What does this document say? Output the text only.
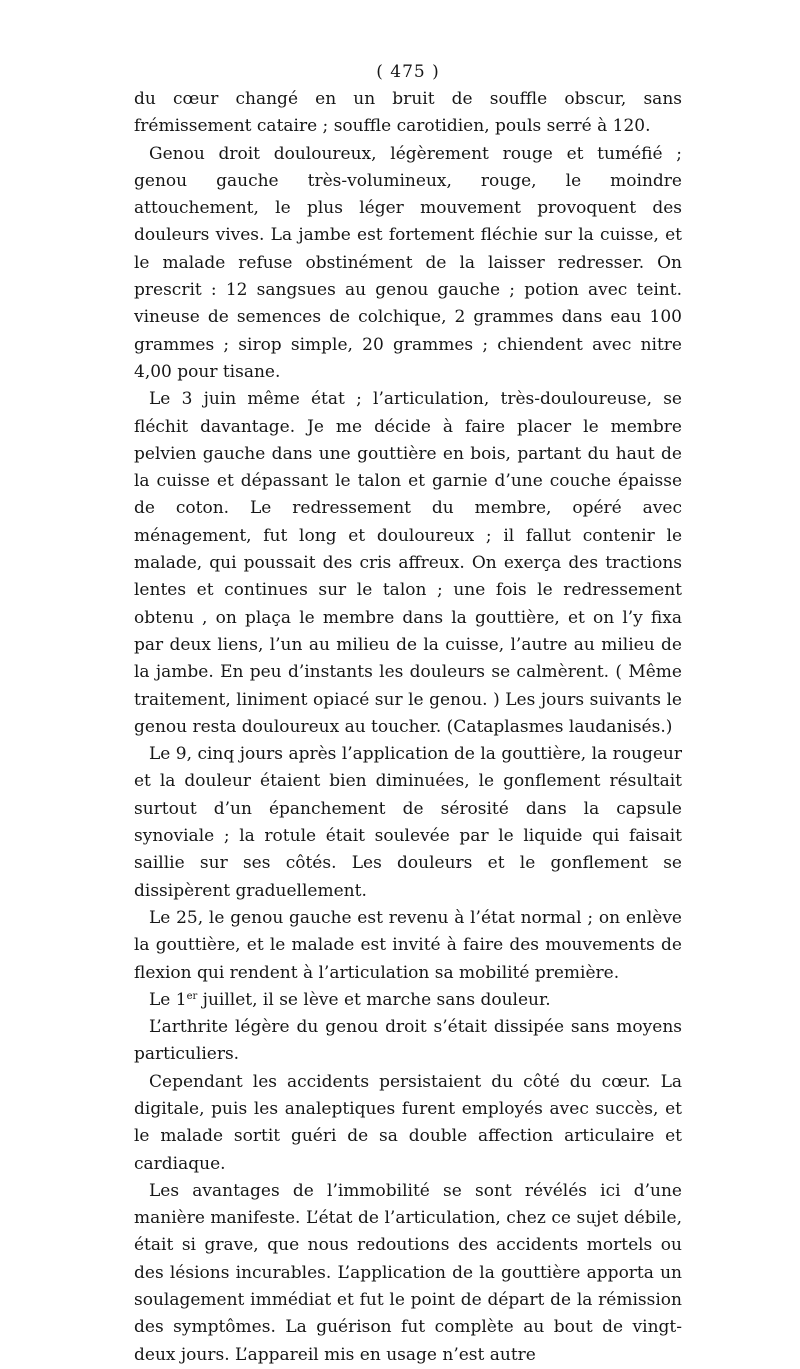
( 475 )

du cœur changé en un bruit de souffle obscur, sans frémissement cataire ; souffle carotidien, pouls serré à 120.

Genou droit douloureux, légèrement rouge et tuméfié ; genou gauche très-volumineux, rouge, le moindre attouchement, le plus léger mouvement provoquent des douleurs vives. La jambe est fortement fléchie sur la cuisse, et le malade refuse obstinément de la laisser redresser. On prescrit : 12 sangsues au genou gauche ; potion avec teint. vineuse de semences de colchique, 2 grammes dans eau 100 grammes ; sirop simple, 20 grammes ; chiendent avec nitre 4,00 pour tisane.

Le 3 juin même état ; l’articulation, très-douloureuse, se fléchit davantage. Je me décide à faire placer le membre pelvien gauche dans une gouttière en bois, partant du haut de la cuisse et dépassant le talon et garnie d’une couche épaisse de coton. Le redressement du membre, opéré avec ménagement, fut long et douloureux ; il fallut contenir le malade, qui poussait des cris affreux. On exerça des tractions lentes et continues sur le talon ; une fois le redressement obtenu , on plaça le membre dans la gouttière, et on l’y fixa par deux liens, l’un au milieu de la cuisse, l’autre au milieu de la jambe. En peu d’instants les douleurs se calmèrent. ( Même traitement, liniment opiacé sur le genou. ) Les jours suivants le genou resta douloureux au toucher. (Cataplasmes laudanisés.)

Le 9, cinq jours après l’application de la gouttière, la rougeur et la douleur étaient bien diminuées, le gonflement résultait surtout d’un épanchement de sérosité dans la capsule synoviale ; la rotule était soulevée par le liquide qui faisait saillie sur ses côtés. Les douleurs et le gonflement se dissipèrent graduellement.

Le 25, le genou gauche est revenu à l’état normal ; on enlève la gouttière, et le malade est invité à faire des mouvements de flexion qui rendent à l’articulation sa mobilité première.

Le 1er juillet, il se lève et marche sans douleur.

L’arthrite légère du genou droit s’était dissipée sans moyens particuliers.

Cependant les accidents persistaient du côté du cœur. La digitale, puis les analeptiques furent employés avec succès, et le malade sortit guéri de sa double affection articulaire et cardiaque.

Les avantages de l’immobilité se sont révélés ici d’une manière manifeste. L’état de l’articulation, chez ce sujet débile, était si grave, que nous redoutions des accidents mortels ou des lésions incurables. L’application de la gouttière apporta un soulagement immédiat et fut le point de départ de la rémission des symptômes. La guérison fut complète au bout de vingt-deux jours. L’appareil mis en usage n’est autre
